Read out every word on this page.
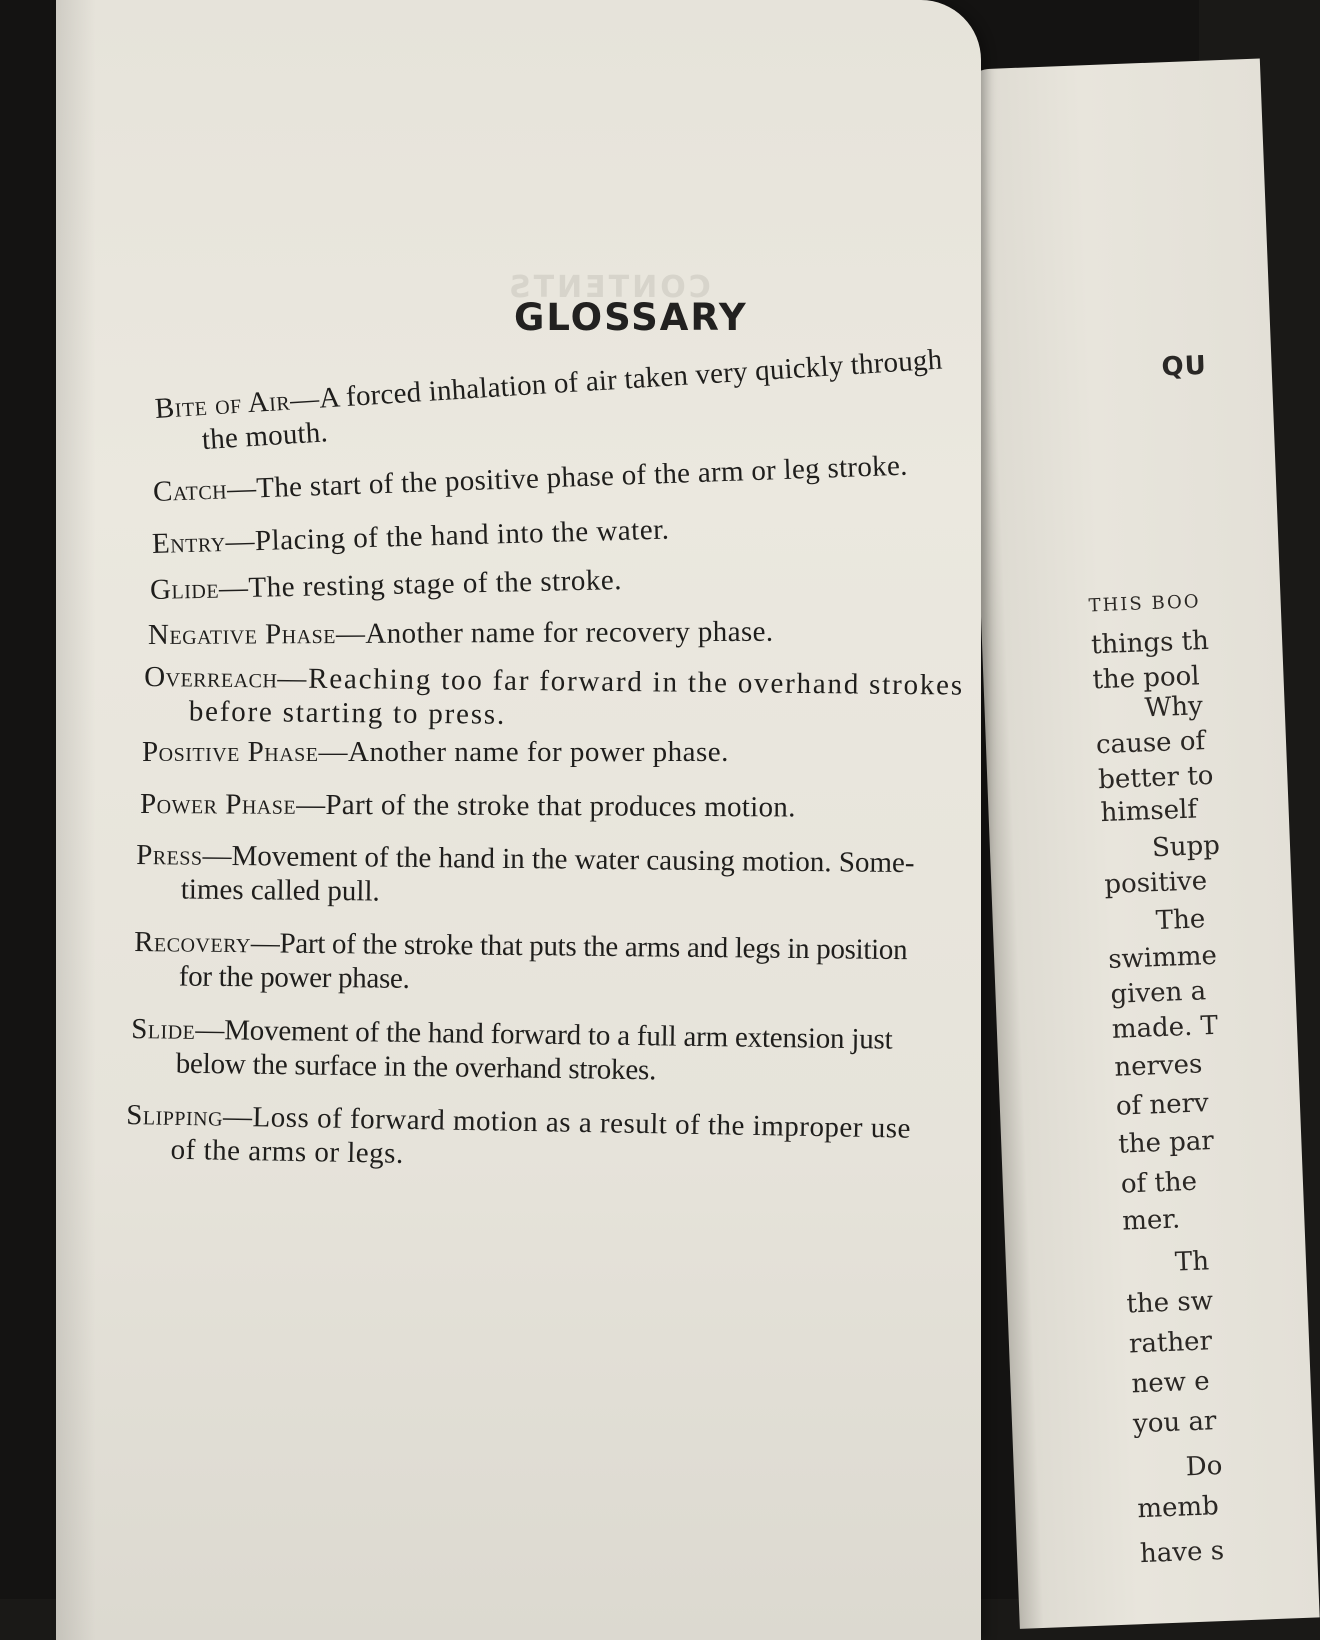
QU
THIS BOO
things th
the pool
Why
cause of
better to
himself
Supp
positive
The
swimme
given a
made. T
nerves
of nerv
the par
of the
mer.
Th
the sw
rather
new e
you ar
Do
memb
have s
CONTENTS
GLOSSARY
Bite of Air—A forced inhalation of air taken very quickly through
the mouth.
Catch—The start of the positive phase of the arm or leg stroke.
Entry—Placing of the hand into the water.
Glide—The resting stage of the stroke.
Negative Phase—Another name for recovery phase.
Overreach—Reaching too far forward in the overhand strokes
before starting to press.
Positive Phase—Another name for power phase.
Power Phase—Part of the stroke that produces motion.
Press—Movement of the hand in the water causing motion. Some-
times called pull.
Recovery—Part of the stroke that puts the arms and legs in position
for the power phase.
Slide—Movement of the hand forward to a full arm extension just
below the surface in the overhand strokes.
Slipping—Loss of forward motion as a result of the improper use
of the arms or legs.
